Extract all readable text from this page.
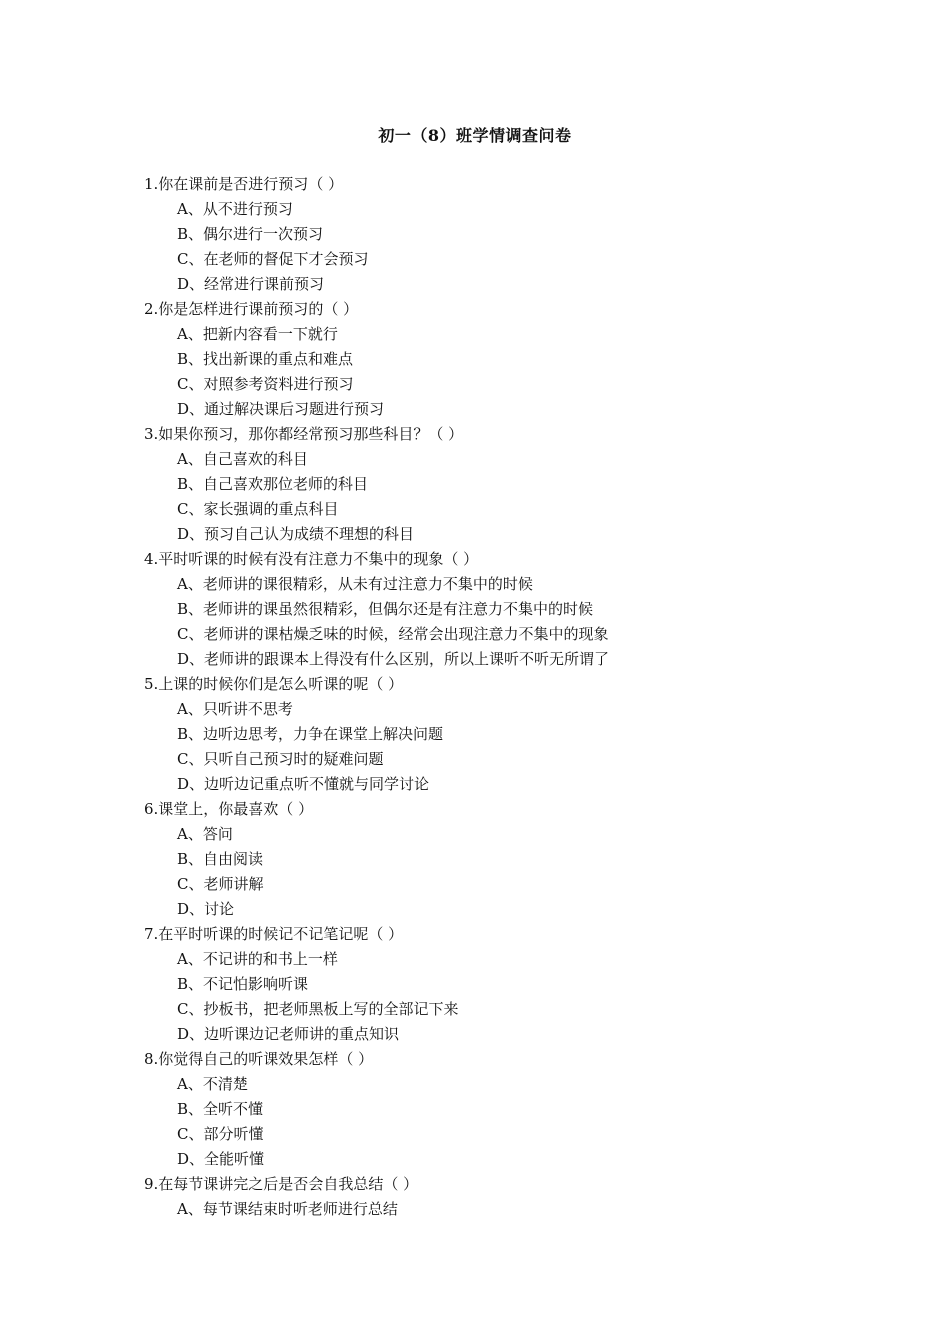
初一（8）班学情调查问卷
1.你在课前是否进行预习（ ）
A、从不进行预习
B、偶尔进行一次预习
C、在老师的督促下才会预习
D、经常进行课前预习
2.你是怎样进行课前预习的（ ）
A、把新内容看一下就行
B、找出新课的重点和难点
C、对照参考资料进行预习
D、通过解决课后习题进行预习
3.如果你预习，那你都经常预习那些科目？（ ）
A、自己喜欢的科目
B、自己喜欢那位老师的科目
C、家长强调的重点科目
D、预习自己认为成绩不理想的科目
4.平时听课的时候有没有注意力不集中的现象（ ）
A、老师讲的课很精彩，从未有过注意力不集中的时候
B、老师讲的课虽然很精彩，但偶尔还是有注意力不集中的时候
C、老师讲的课枯燥乏味的时候，经常会出现注意力不集中的现象
D、老师讲的跟课本上得没有什么区别，所以上课听不听无所谓了
5.上课的时候你们是怎么听课的呢（ ）
A、只听讲不思考
B、边听边思考，力争在课堂上解决问题
C、只听自己预习时的疑难问题
D、边听边记重点听不懂就与同学讨论
6.课堂上，你最喜欢（ ）
A、答问
B、自由阅读
C、老师讲解
D、讨论
7.在平时听课的时候记不记笔记呢（ ）
A、不记讲的和书上一样
B、不记怕影响听课
C、抄板书，把老师黑板上写的全部记下来
D、边听课边记老师讲的重点知识
8.你觉得自己的听课效果怎样（ ）
A、不清楚
B、全听不懂
C、部分听懂
D、全能听懂
9.在每节课讲完之后是否会自我总结（ ）
A、每节课结束时听老师进行总结
